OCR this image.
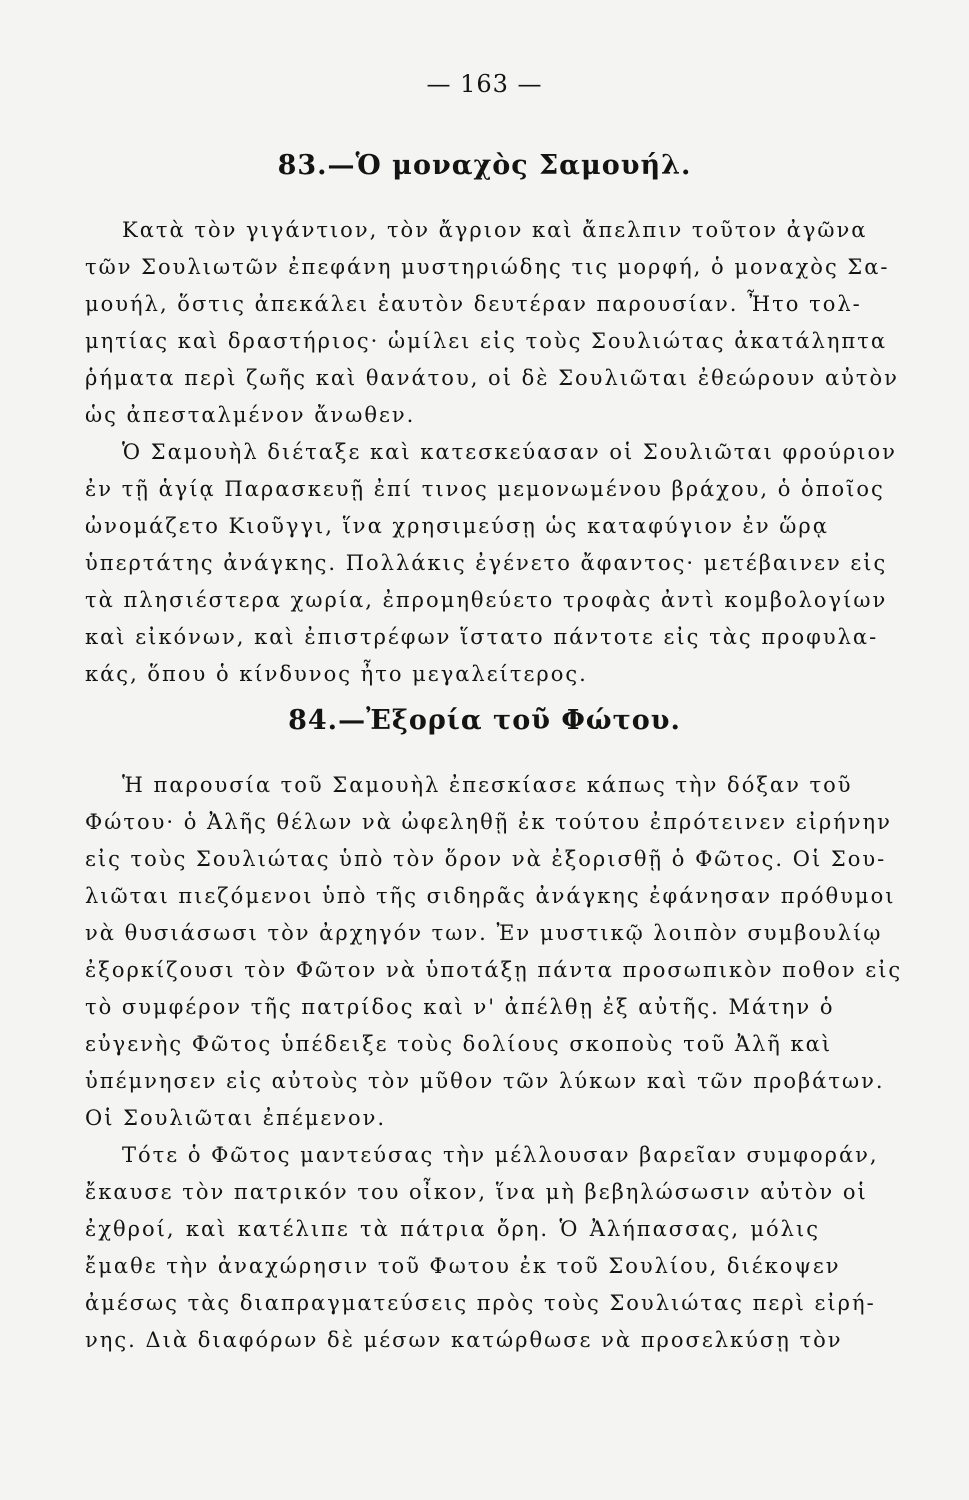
— 163 —
83.—Ὁ μοναχὸς Σαμουήλ.
Κατὰ τὸν γιγάντιον, τὸν ἄγριον καὶ ἄπελπιν τοῦτον ἀγῶνα
τῶν Σουλιωτῶν ἐπεφάνη μυστηριώδης τις μορφή, ὁ μοναχὸς Σα-
μουήλ, ὅστις ἀπεκάλει ἑαυτὸν δευτέραν παρουσίαν. Ἦτο τολ-
μητίας καὶ δραστήριος· ὡμίλει εἰς τοὺς Σουλιώτας ἀκατάληπτα
ῥήματα περὶ ζωῆς καὶ θανάτου, οἱ δὲ Σουλιῶται ἐθεώρουν αὐτὸν
ὡς ἀπεσταλμένον ἄνωθεν.
Ὁ Σαμουὴλ διέταξε καὶ κατεσκεύασαν οἱ Σουλιῶται φρούριον
ἐν τῇ ἁγίᾳ Παρασκευῇ ἐπί τινος μεμονωμένου βράχου, ὁ ὁποῖος
ὠνομάζετο Κιοῦγγι, ἵνα χρησιμεύσῃ ὡς καταφύγιον ἐν ὥρᾳ
ὑπερτάτης ἀνάγκης. Πολλάκις ἐγένετο ἄφαντος· μετέβαινεν εἰς
τὰ πλησιέστερα χωρία, ἐπρομηθεύετο τροφὰς ἀντὶ κομβολογίων
καὶ εἰκόνων, καὶ ἐπιστρέφων ἵστατο πάντοτε εἰς τὰς προφυλα-
κάς, ὅπου ὁ κίνδυνος ἦτο μεγαλείτερος.
84.—Ἐξορία τοῦ Φώτου.
Ἡ παρουσία τοῦ Σαμουὴλ ἐπεσκίασε κάπως τὴν δόξαν τοῦ
Φώτου· ὁ Ἀλῆς θέλων νὰ ὠφεληθῇ ἐκ τούτου ἐπρότεινεν εἰρήνην
εἰς τοὺς Σουλιώτας ὑπὸ τὸν ὅρον νὰ ἐξορισθῇ ὁ Φῶτος. Οἱ Σου-
λιῶται πιεζόμενοι ὑπὸ τῆς σιδηρᾶς ἀνάγκης ἐφάνησαν πρόθυμοι
νὰ θυσιάσωσι τὸν ἀρχηγόν των. Ἐν μυστικῷ λοιπὸν συμβουλίῳ
ἐξορκίζουσι τὸν Φῶτον νὰ ὑποτάξῃ πάντα προσωπικὸν ποθον εἰς
τὸ συμφέρον τῆς πατρίδος καὶ ν' ἀπέλθῃ ἐξ αὐτῆς. Μάτην ὁ
εὐγενὴς Φῶτος ὑπέδειξε τοὺς δολίους σκοποὺς τοῦ Ἀλῆ καὶ
ὑπέμνησεν εἰς αὐτοὺς τὸν μῦθον τῶν λύκων καὶ τῶν προβάτων.
Οἱ Σουλιῶται ἐπέμενον.
Τότε ὁ Φῶτος μαντεύσας τὴν μέλλουσαν βαρεῖαν συμφοράν,
ἔκαυσε τὸν πατρικόν του οἶκον, ἵνα μὴ βεβηλώσωσιν αὐτὸν οἱ
ἐχθροί, καὶ κατέλιπε τὰ πάτρια ὄρη. Ὁ Ἀλήπασσας, μόλις
ἔμαθε τὴν ἀναχώρησιν τοῦ Φωτου ἐκ τοῦ Σουλίου, διέκοψεν
ἀμέσως τὰς διαπραγματεύσεις πρὸς τοὺς Σουλιώτας περὶ εἰρή-
νης. Διὰ διαφόρων δὲ μέσων κατώρθωσε νὰ προσελκύσῃ τὸν
